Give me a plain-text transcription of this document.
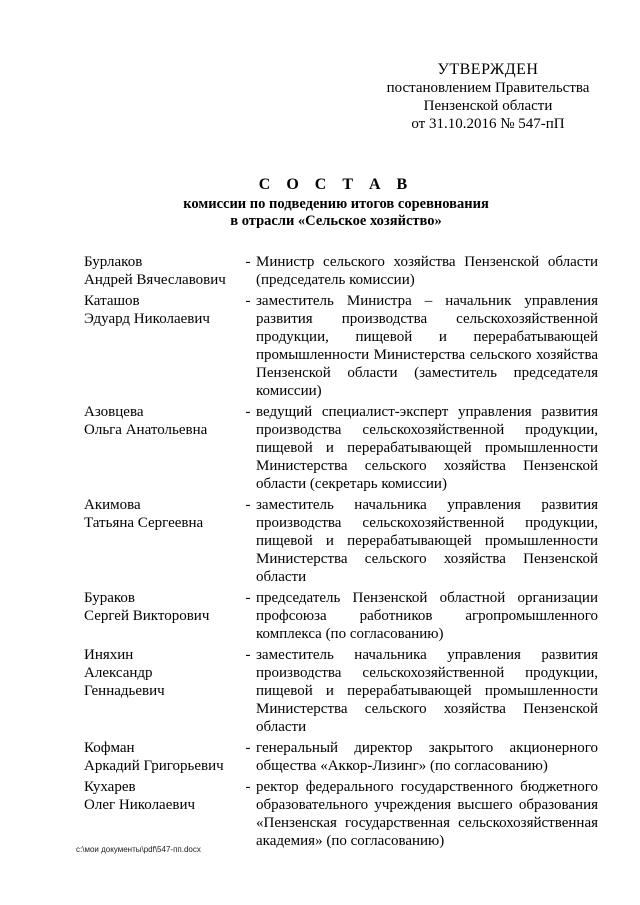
УТВЕРЖДЕН
постановлением Правительства
Пензенской области
от 31.10.2016 № 547-пП
С О С Т А В
комиссии по подведению итогов соревнования
в отрасли «Сельское хозяйство»
Бурлаков
Андрей Вячеславович
- Министр сельского хозяйства Пензенской области (председатель комиссии)
Каташов
Эдуард Николаевич
- заместитель Министра – начальник управления развития производства сельскохозяйственной продукции, пищевой и перерабатывающей промышленности Министерства сельского хозяйства Пензенской области (заместитель председателя комиссии)
Азовцева
Ольга Анатольевна
- ведущий специалист-эксперт управления развития производства сельскохозяйственной продукции, пищевой и перерабатывающей промышленности Министерства сельского хозяйства Пензенской области (секретарь комиссии)
Акимова
Татьяна Сергеевна
- заместитель начальника управления развития производства сельскохозяйственной продукции, пищевой и перерабатывающей промышленности Министерства сельского хозяйства Пензенской области
Бураков
Сергей Викторович
- председатель Пензенской областной организации профсоюза работников агропромышленного комплекса (по согласованию)
Иняхин
Александр
Геннадьевич
- заместитель начальника управления развития производства сельскохозяйственной продукции, пищевой и перерабатывающей промышленности Министерства сельского хозяйства Пензенской области
Кофман
Аркадий Григорьевич
- генеральный директор закрытого акционерного общества «Аккор-Лизинг» (по согласованию)
Кухарев
Олег Николаевич
- ректор федерального государственного бюджетного образовательного учреждения высшего образования «Пензенская государственная сельскохозяйственная академия» (по согласованию)
c:\мои документы\pdf\547-пп.docx
